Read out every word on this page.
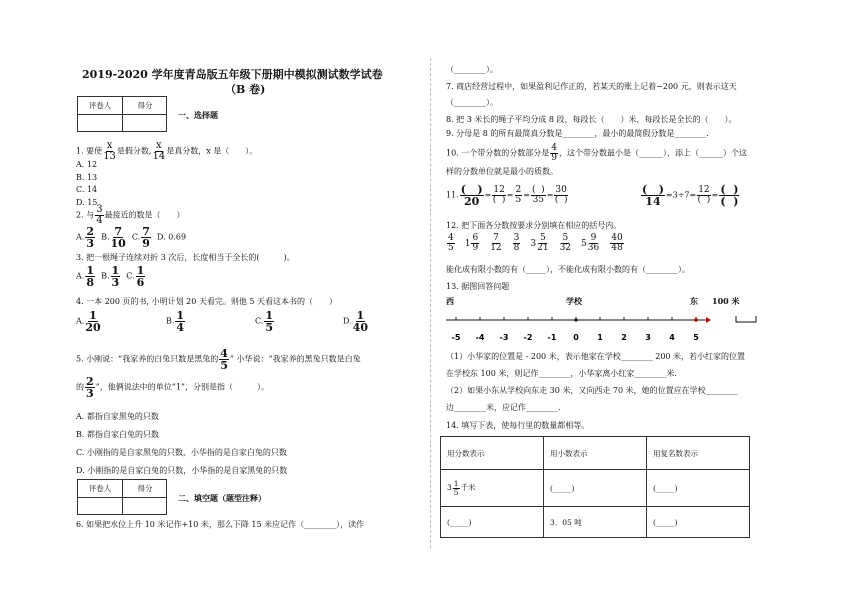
2019-2020 学年度青岛版五年级下册期中模拟测试数学试卷
（B 卷)
评卷人	得分
一、选择题
1. 要使 $\frac{x}{13}$ 是假分数, $\frac{x}{14}$ 是真分数，x 是（　　）。
A. 12
B. 13
C. 14
D. 15
2. 与 $\frac{3}{4}$ 最接近的数是（　　）
A. $\frac{2}{3} B$. $\frac{7}{10} C$. $\frac{7}{9} D$. 0.69
3. 把一根绳子连续对折 3 次后，长度相当于全长的(　　　)。
A. $\frac{1}{8} B$. $\frac{1}{3} C$. $\frac{1}{6}$
4. 一本 200 页的书, 小明计划 20 天看完。则他 5 天看这本书的（　　）
A. $\frac{1}{20}$	B. $\frac{1}{4}$	C. $\frac{1}{5}$	D. $\frac{1}{40}$
5. 小刚说：“我家养的白兔只数是黑兔的 $\frac{4}{5}$ ” 小华说：“我家养的黑兔只数是白兔
的 $\frac{2}{3}$ ”，他俩说法中的单位“1”，分别是指（　　　）。
A. 都指自家黑兔的只数
B. 都指自家白兔的只数
C. 小刚指的是自家黑兔的只数，小华指的是自家白兔的只数
D. 小刚指的是自家白兔的只数，小华指的是自家黑兔的只数
评卷人	得分
二、填空题（题型注释）
6. 如果把水位上升 10 米记作+10 米，那么下降 15 米应记作（________），读作
（________）。
7. 商店经营过程中，如果盈利记作正的，若某天的账上记着−200 元，则表示这天
（________）。
8. 把 3 米长的绳子平均分成 8 段，每段长（　　）米，每段长是全长的（　　）。
9. 分母是 8 的所有最简真分数是________，最小的最简假分数是________.
10. 一个带分数的分数部分是 $\frac{4}{9}$ ，这个带分数最小是（______），添上（______）个这
样的分数单位就是最小的质数。
11. $\frac{( )}{20} = \frac{12}{( )} = \frac{2}{5} = \frac{( )}{35} = \frac{30}{( )}$	$\frac{( )}{14} =3\div 7= \frac{12}{( )} = \frac{( )}{( )}$
12. 把下面各分数按要求分别填在相应的括号内。
$\frac{4}{5} 1 \frac{6}{9} \frac{7}{12} \frac{3}{8} 3 \frac{5}{21} \frac{5}{32} 5 \frac{9}{36} \frac{40}{48}$
能化成有限小数的有（_____），不能化成有限小数的有（________）。
13. 据图回答问题
西	学校	东 100 米
-5 -4 -3 -2 -1 0 1 2 3 4 5
（1）小华家的位置是 - 200 米，表示他家在学校________ 200 米，若小红家的位置
在学校东 100 米，则记作________，小华家离小红家________米.
（2）如果小东从学校向东走 30 米，又向西走 70 米，她的位置应在学校________
边________米，应记作________.
14. 填写下表，使每行里的数量都相等。
用分数表示	用小数表示	用复名数表示
$3 \frac{1}{5}$ 千米	(_____)	(_____)
(_____)	3．05 吨	(_____)
